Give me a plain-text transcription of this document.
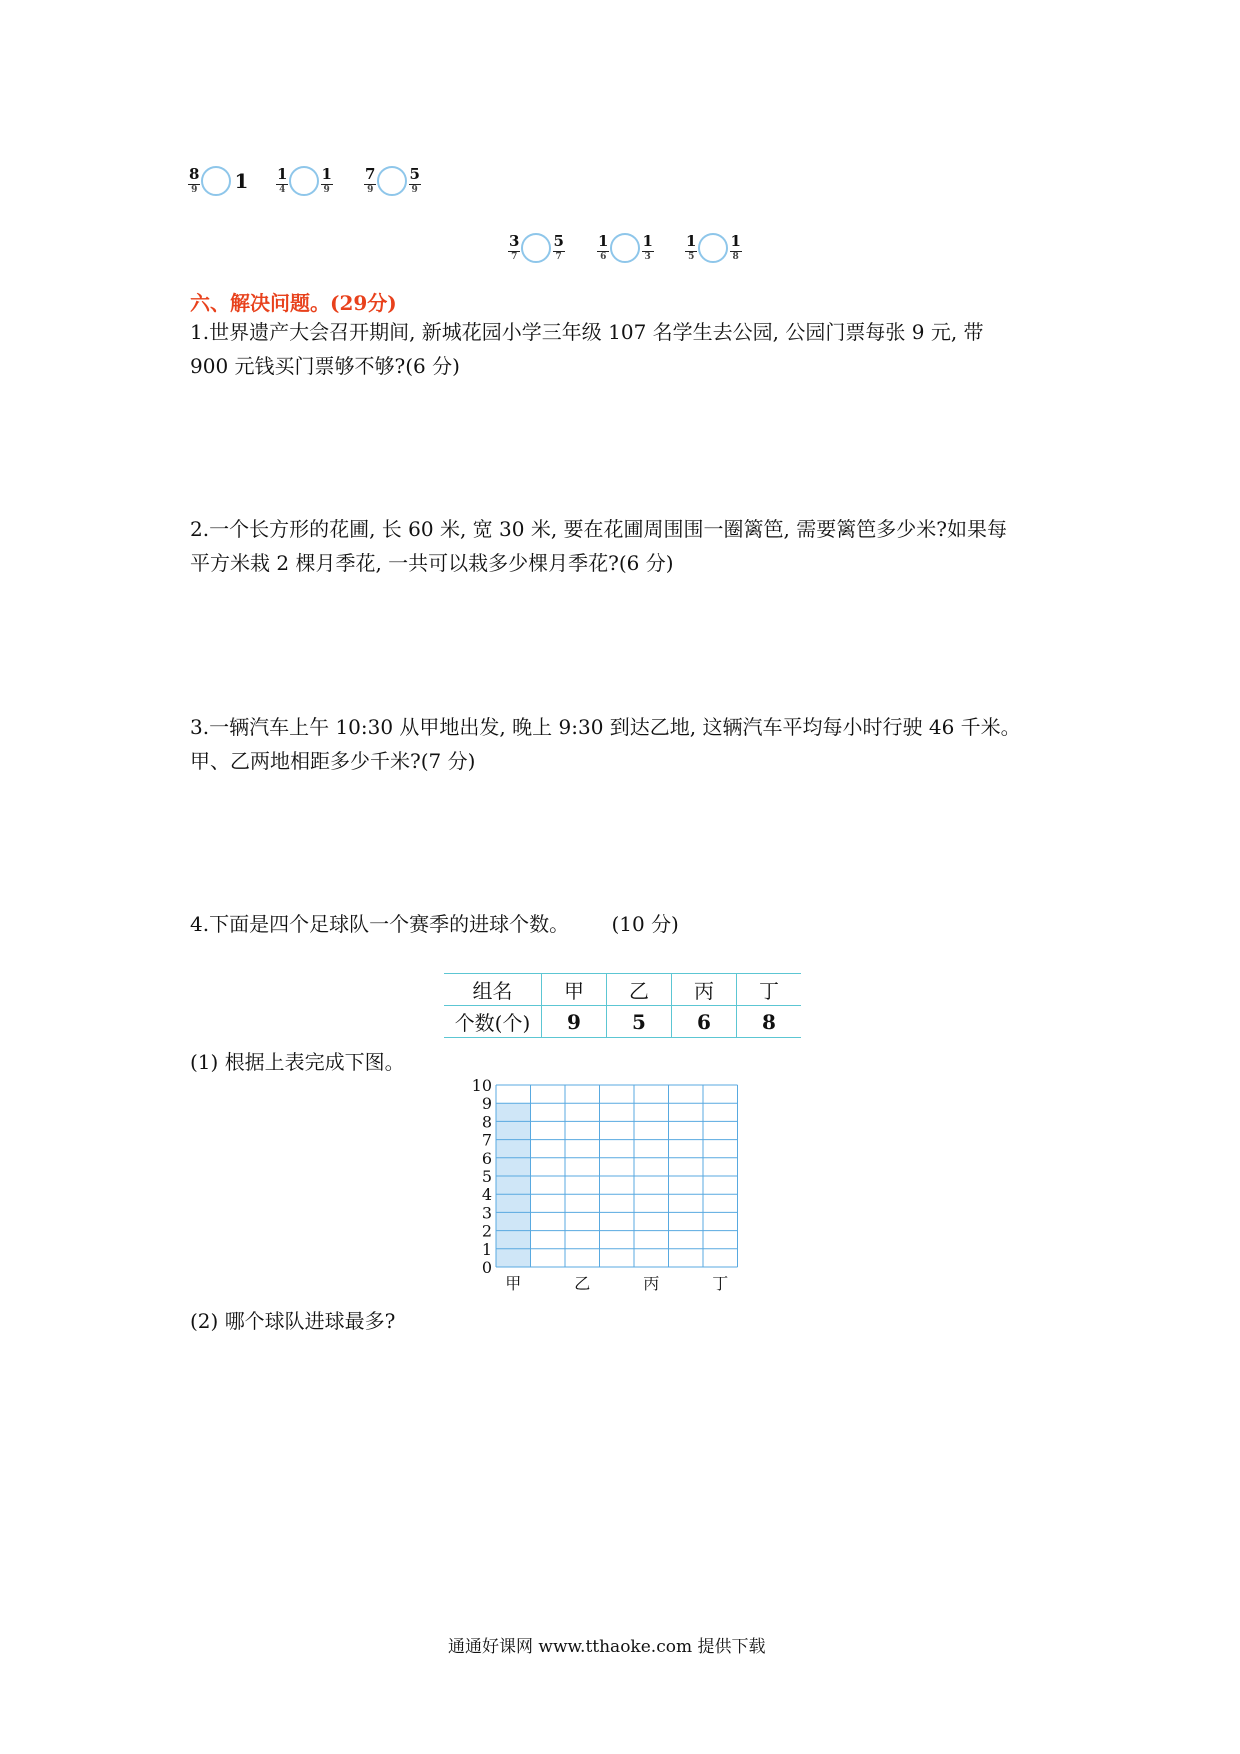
$\frac{8}{9} 1 \frac{1}{4} \frac{1}{9} \frac{7}{9} \frac{5}{9}$
$\frac{3}{7} \frac{5}{7} \frac{1}{6} \frac{1}{3} \frac{1}{5} \frac{1}{8}$
六、解决问题。(29分)
1.世界遗产大会召开期间, 新城花园小学三年级 107 名学生去公园, 公园门票每张 9 元, 带
900 元钱买门票够不够?(6 分)
2.一个长方形的花圃, 长 60 米, 宽 30 米, 要在花圃周围围一圈篱笆, 需要篱笆多少米?如果每
平方米栽 2 棵月季花, 一共可以栽多少棵月季花?(6 分)
3.一辆汽车上午 10:30 从甲地出发, 晚上 9:30 到达乙地, 这辆汽车平均每小时行驶 46 千米。
甲、乙两地相距多少千米?(7 分)
4.下面是四个足球队一个赛季的进球个数。 (10 分)
组名	甲	乙	丙	丁
个数(个)	9	5	6	8
(1) 根据上表完成下图。
0
1
2
3
4
5
6
7
8
9
10
甲	乙	丙	丁
(2) 哪个球队进球最多?
通通好课网 www.tthaoke.com 提供下载
